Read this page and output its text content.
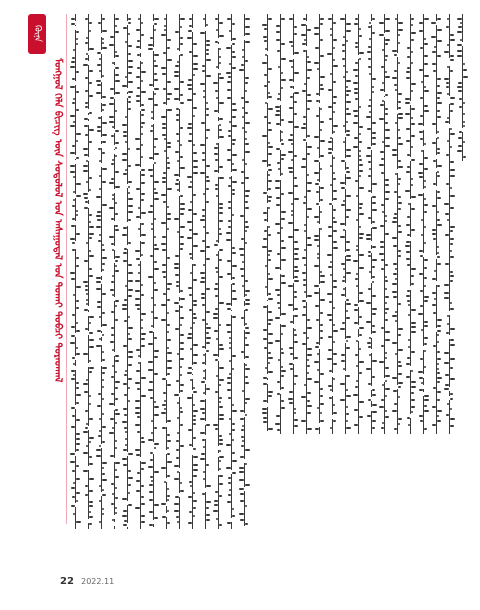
ᠭᠦᠨᠡ
ᠮᠣᠩᠭᠣᠯ ᠬᠡᠯᠡ ᠪᠢᠴᠢᠭ ᠦᠨ ᠰᠤᠳᠤᠯᠤᠯ ᠤᠨ ᠠᠰᠠᠭᠤᠳᠠᠯ ᠤᠨ ᠲᠤᠬᠠᠢ ᠲᠣᠪᠴᠢ ᠳᠤᠷᠠᠳᠬᠠᠯ
22 2022.11
